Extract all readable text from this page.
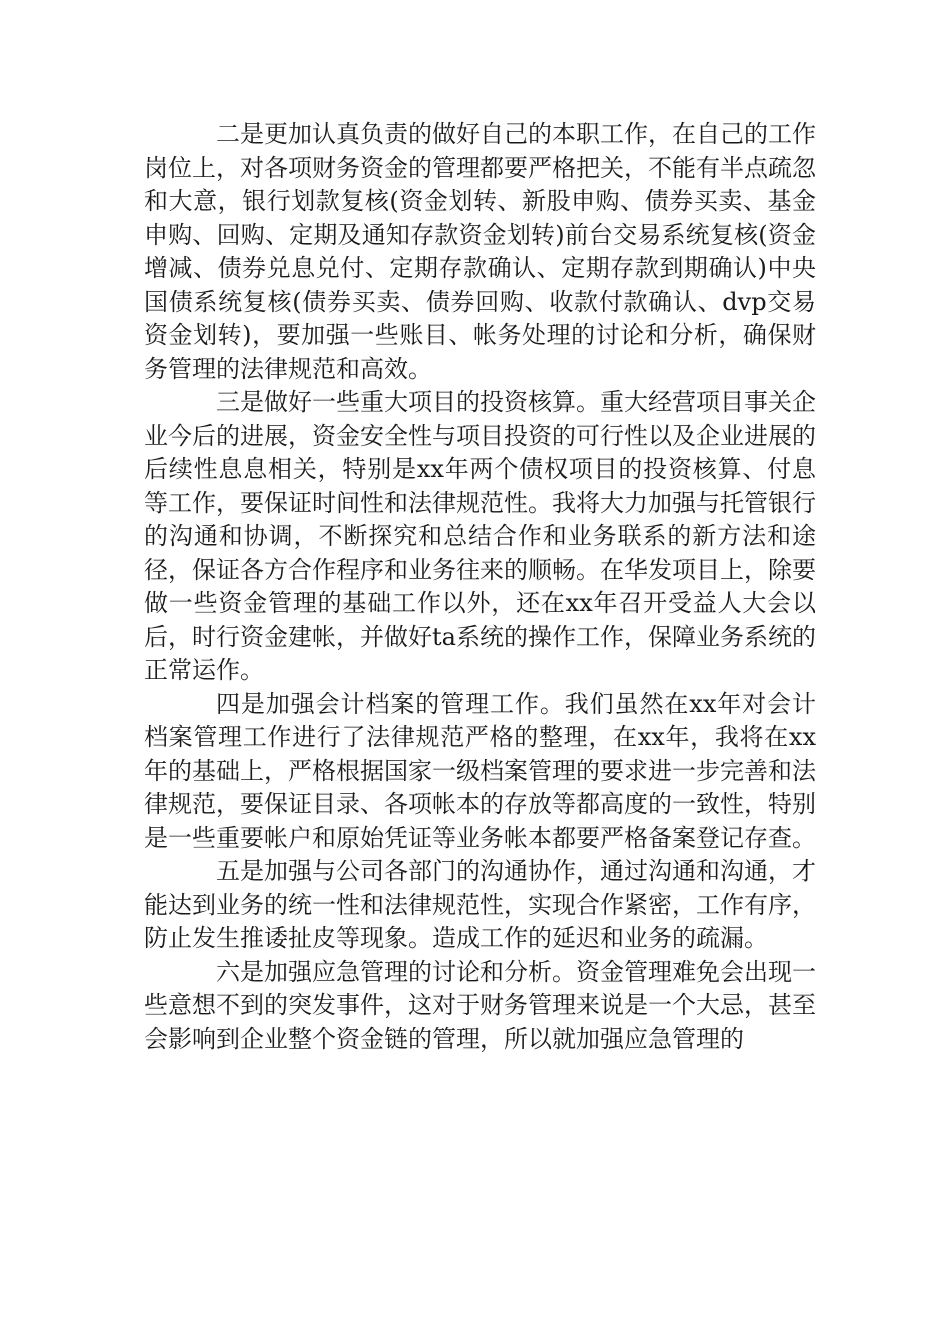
二是更加认真负责的做好自己的本职工作，在自己的工作岗位上，对各项财务资金的管理都要严格把关，不能有半点疏忽和大意，银行划款复核(资金划转、新股申购、债券买卖、基金申购、回购、定期及通知存款资金划转)前台交易系统复核(资金增减、债券兑息兑付、定期存款确认、定期存款到期确认)中央国债系统复核(债券买卖、债券回购、收款付款确认、dvp交易资金划转)，要加强一些账目、帐务处理的讨论和分析，确保财务管理的法律规范和高效。

三是做好一些重大项目的投资核算。重大经营项目事关企业今后的进展，资金安全性与项目投资的可行性以及企业进展的后续性息息相关，特别是xx年两个债权项目的投资核算、付息等工作，要保证时间性和法律规范性。我将大力加强与托管银行的沟通和协调，不断探究和总结合作和业务联系的新方法和途径，保证各方合作程序和业务往来的顺畅。在华发项目上，除要做一些资金管理的基础工作以外，还在xx年召开受益人大会以后，时行资金建帐，并做好ta系统的操作工作，保障业务系统的正常运作。

四是加强会计档案的管理工作。我们虽然在xx年对会计档案管理工作进行了法律规范严格的整理，在xx年，我将在xx年的基础上，严格根据国家一级档案管理的要求进一步完善和法律规范，要保证目录、各项帐本的存放等都高度的一致性，特别是一些重要帐户和原始凭证等业务帐本都要严格备案登记存查。

五是加强与公司各部门的沟通协作，通过沟通和沟通，才能达到业务的统一性和法律规范性，实现合作紧密，工作有序，防止发生推诿扯皮等现象。造成工作的延迟和业务的疏漏。

六是加强应急管理的讨论和分析。资金管理难免会出现一些意想不到的突发事件，这对于财务管理来说是一个大忌，甚至会影响到企业整个资金链的管理，所以就加强应急管理的
